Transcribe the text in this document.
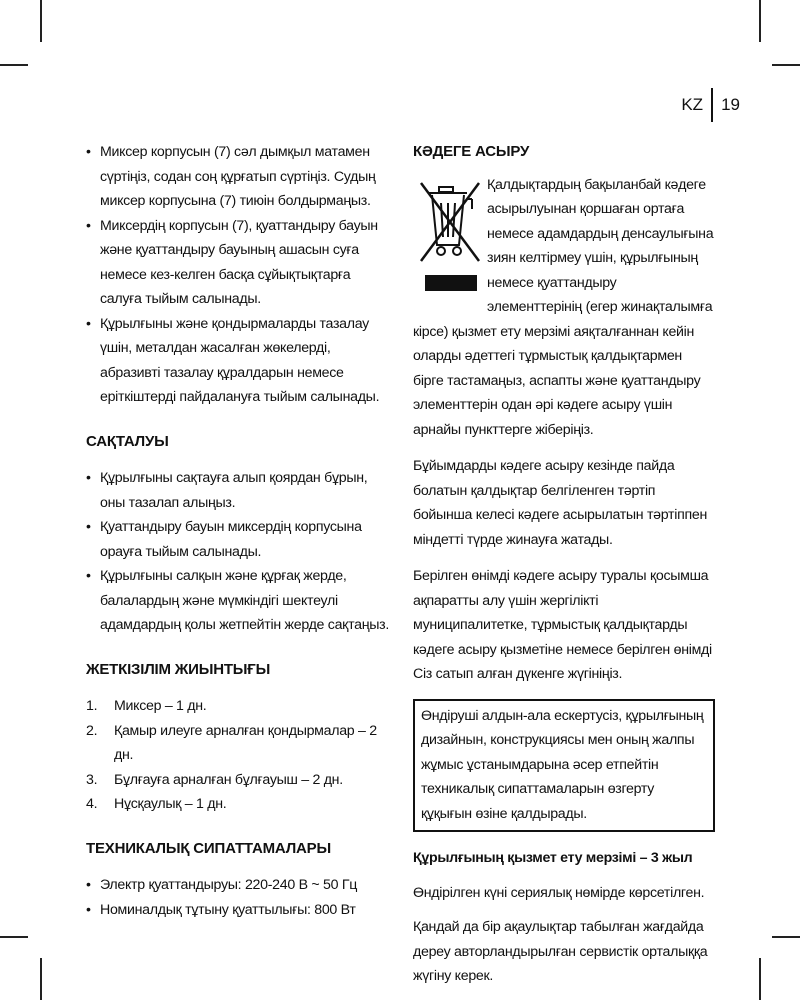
KZ 19
• Миксер корпусын (7) сәл дымқыл матамен сүртіңіз, содан соң құрғатып сүртіңіз. Судың миксер корпусына (7) тиюін болдырмаңыз.
• Миксердің корпусын (7), қуаттандыру бауын және қуаттандыру бауының ашасын суға немесе кез-келген басқа сұйықтықтарға салуға тыйым салынады.
• Құрылғыны және қондырмаларды тазалау үшін, металдан жасалған жөкелерді, абразивті тазалау құралдарын немесе еріткіштерді пайдалануға тыйым салынады.
САҚТАЛУЫ
• Құрылғыны сақтауға алып қоярдан бұрын, оны тазалап алыңыз.
• Қуаттандыру бауын миксердің корпусына орауға тыйым салынады.
• Құрылғыны салқын және құрғақ жерде, балалардың және мүмкіндігі шектеулі адамдардың қолы жетпейтін жерде сақтаңыз.
ЖЕТКІЗІЛІМ ЖИЫНТЫҒЫ
1. Миксер – 1 дн.
2. Қамыр илеуге арналған қондырмалар – 2 дн.
3. Бұлғауға арналған бұлғауыш – 2 дн.
4. Нұсқаулық – 1 дн.
ТЕХНИКАЛЫҚ СИПАТТАМАЛАРЫ
• Электр қуаттандыруы: 220-240 В ~ 50 Гц
• Номиналдық тұтыну қуаттылығы: 800 Вт
КӘДЕГЕ АСЫРУ

Қалдықтардың бақыланбай кәдеге асырылуынан қоршаған ортаға немесе адамдардың денсаулығына зиян келтірмеу үшін, құрылғының немесе қуаттандыру элементтерінің (егер жинақталымға кірсе) қызмет ету мерзімі аяқталғаннан кейін оларды әдеттегі тұрмыстық қалдықтармен бірге тастамаңыз, аспапты және қуаттандыру элементтерін одан әрі кәдеге асыру үшін арнайы пункттерге жіберіңіз.

Бұйымдарды кәдеге асыру кезінде пайда болатын қалдықтар белгіленген тәртіп бойынша келесі кәдеге асырылатын тәртіппен міндетті түрде жинауға жатады.

Берілген өнімді кәдеге асыру туралы қосымша ақпаратты алу үшін жергілікті муниципалитетке, тұрмыстық қалдықтарды кәдеге асыру қызметіне немесе берілген өнімді Сіз сатып алған дүкенге жүгініңіз.

Өндіруші алдын-ала ескертусіз, құрылғының дизайнын, конструкциясы мен оның жалпы жұмыс ұстанымдарына әсер етпейтін техникалық сипаттамаларын өзгерту құқығын өзіне қалдырады.

Құрылғының қызмет ету мерзімі – 3 жыл

Өндірілген күні сериялық нөмірде көрсетілген.

Қандай да бір ақаулықтар табылған жағдайда дереу авторландырылған сервистік орталыққа жүгіну керек.
